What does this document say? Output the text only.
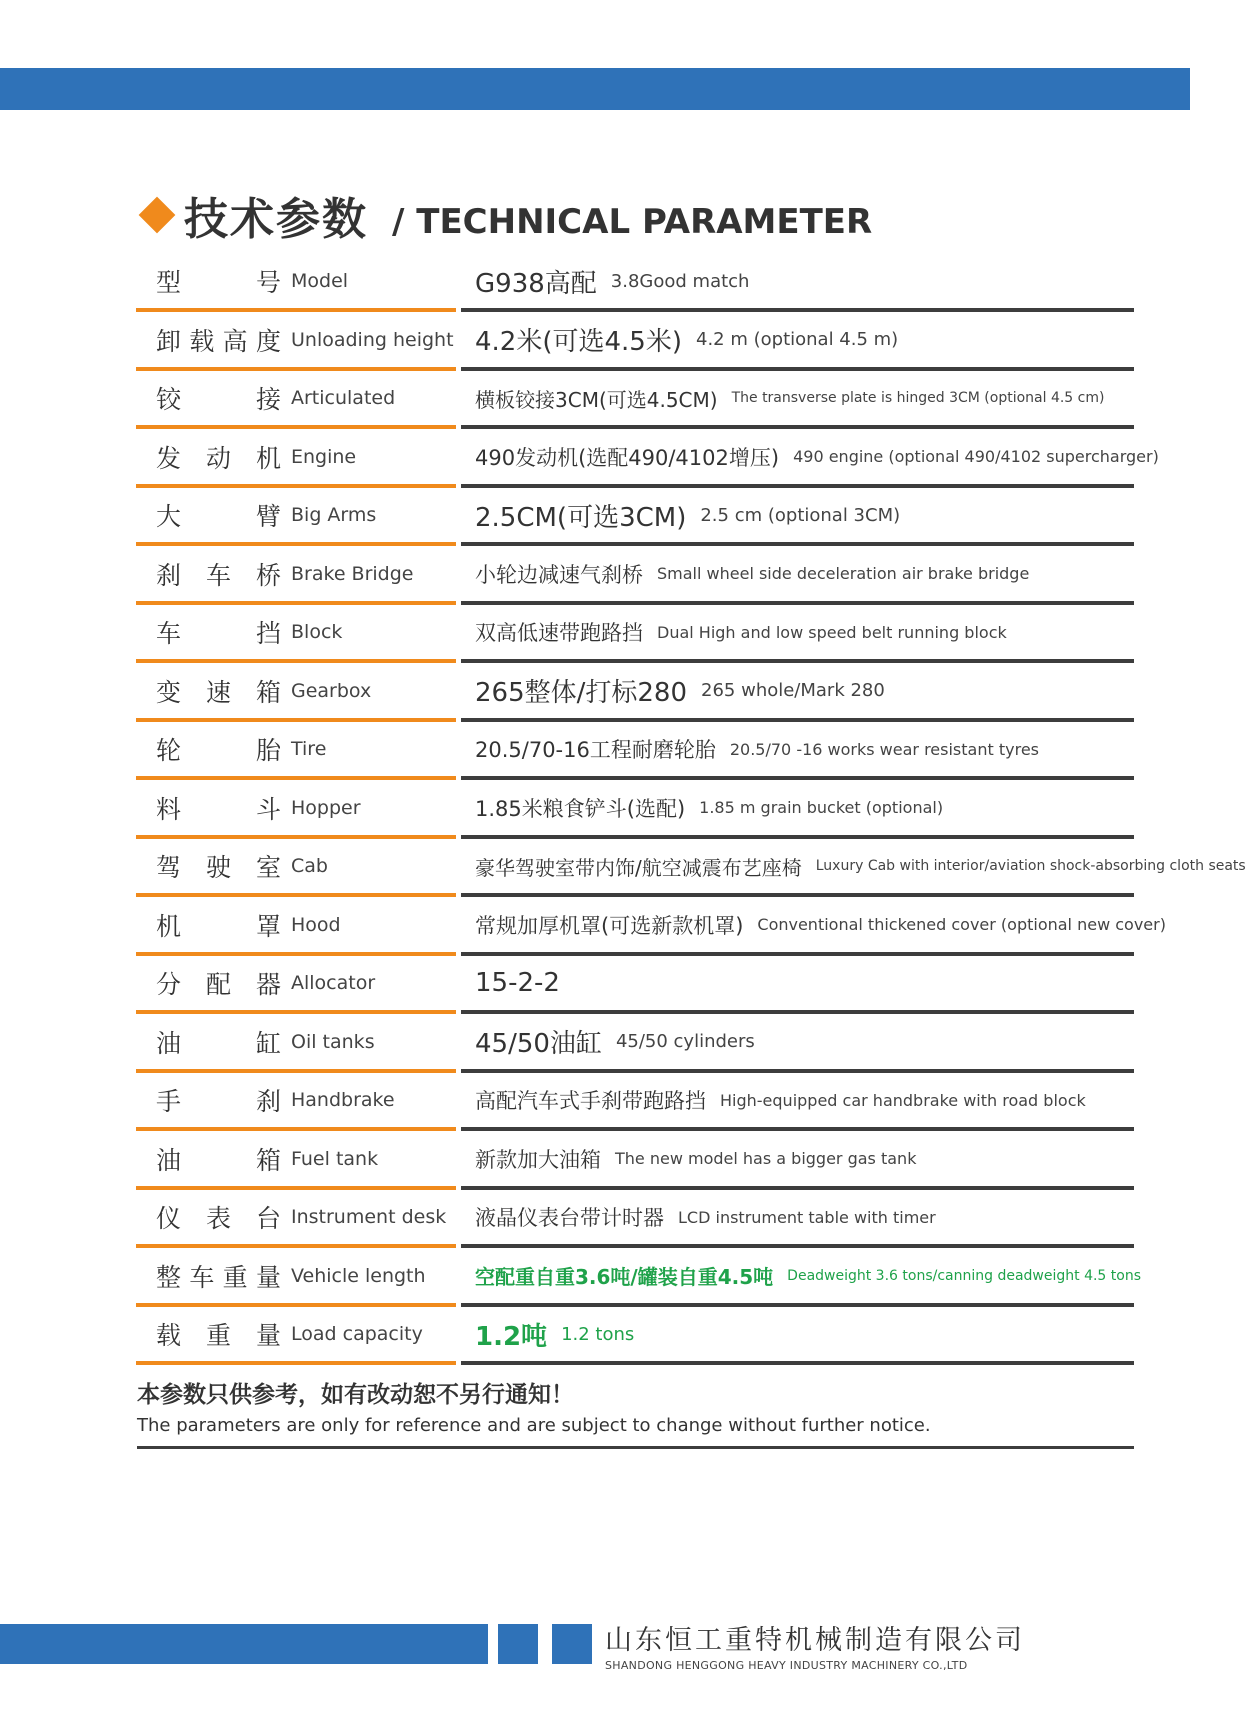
技术参数 / TECHNICAL PARAMETER
型号 Model	G938高配 3.8Good match
卸载高度 Unloading height 4.2米(可选4.5米) 4.2 m (optional 4.5 m)
铰接 Articulated	横板铰接3CM(可选4.5CM) The transverse plate is hinged 3CM (optional 4.5 cm)
发动机 Engine	490发动机(选配490/4102增压) 490 engine (optional 490/4102 supercharger)
大臂 Big Arms	2.5CM(可选3CM) 2.5 cm (optional 3CM)
刹车桥 Brake Bridge	小轮边减速气刹桥 Small wheel side deceleration air brake bridge
车挡 Block	双高低速带跑路挡 Dual High and low speed belt running block
变速箱 Gearbox	265整体/打标280 265 whole/Mark 280
轮胎 Tire	20.5/70-16工程耐磨轮胎 20.5/70 -16 works wear resistant tyres
料斗 Hopper	1.85米粮食铲斗(选配) 1.85 m grain bucket (optional)
驾驶室 Cab	豪华驾驶室带内饰/航空减震布艺座椅 Luxury Cab with interior/aviation shock-absorbing cloth seats
机罩 Hood	常规加厚机罩(可选新款机罩) Conventional thickened cover (optional new cover)
分配器 Allocator	15-2-2
油缸 Oil tanks	45/50油缸 45/50 cylinders
手刹 Handbrake	高配汽车式手刹带跑路挡 High-equipped car handbrake with road block
油箱 Fuel tank	新款加大油箱 The new model has a bigger gas tank
仪表台 Instrument desk 液晶仪表台带计时器 LCD instrument table with timer
整车重量 Vehicle length 空配重自重3.6吨/罐装自重4.5吨 Deadweight 3.6 tons/canning deadweight 4.5 tons
载重量 Load capacity 1.2吨 1.2 tons
本参数只供参考，如有改动恕不另行通知！
The parameters are only for reference and are subject to change without further notice.
山东恒工重特机械制造有限公司
SHANDONG HENGGONG HEAVY INDUSTRY MACHINERY CO.,LTD
